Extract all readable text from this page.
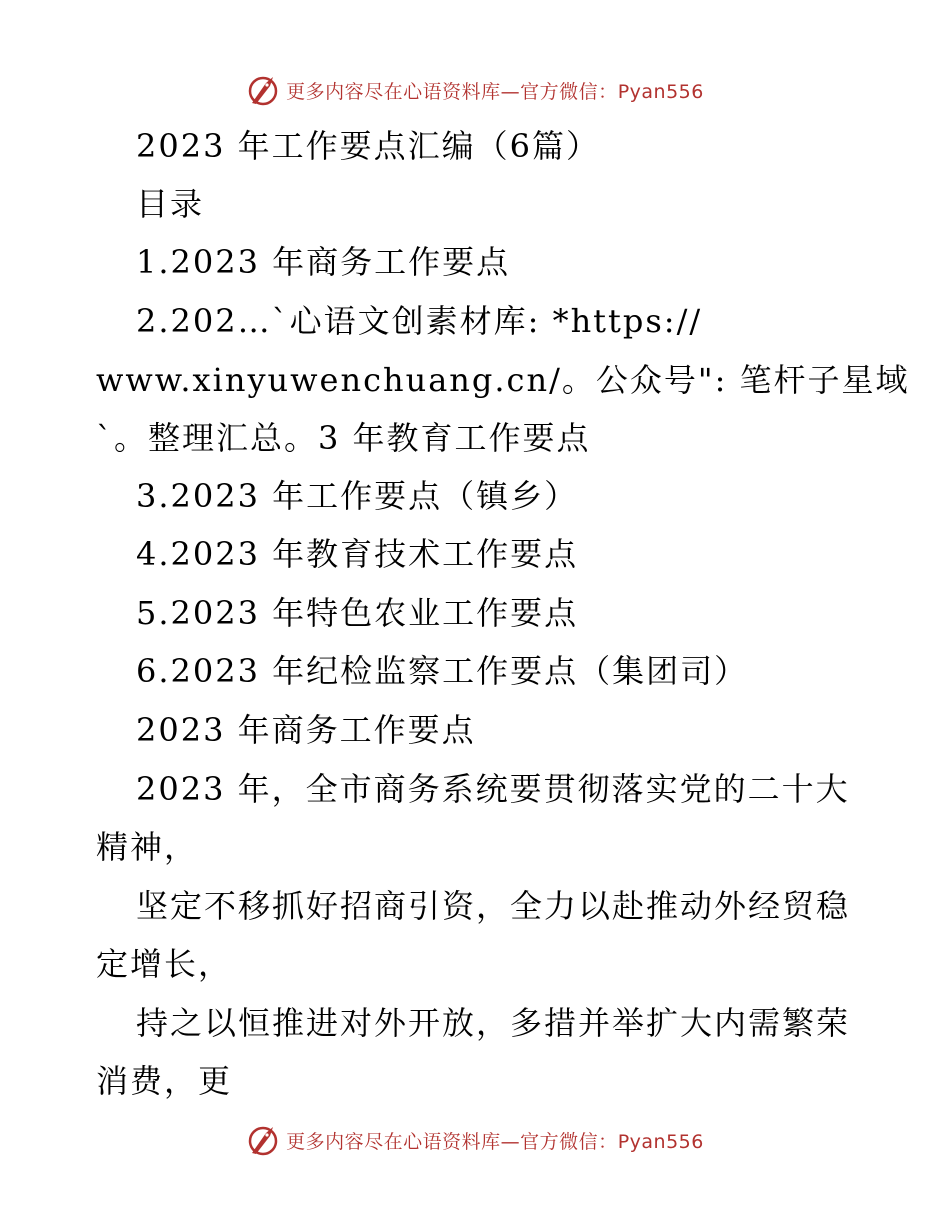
更多内容尽在心语资料库—官方微信：Pyan556
2023 年工作要点汇编（6篇）
目录
1.2023 年商务工作要点
2.202…`心语文创素材库: *https://
www.xinyuwenchuang.cn/。公众号": 笔杆子星域
`。整理汇总。3 年教育工作要点
3.2023 年工作要点（镇乡）
4.2023 年教育技术工作要点
5.2023 年特色农业工作要点
6.2023 年纪检监察工作要点（集团司）
2023 年商务工作要点
2023 年，全市商务系统要贯彻落实党的二十大
精神，
坚定不移抓好招商引资，全力以赴推动外经贸稳
定增长，
持之以恒推进对外开放，多措并举扩大内需繁荣
消费，更
更多内容尽在心语资料库—官方微信：Pyan556
